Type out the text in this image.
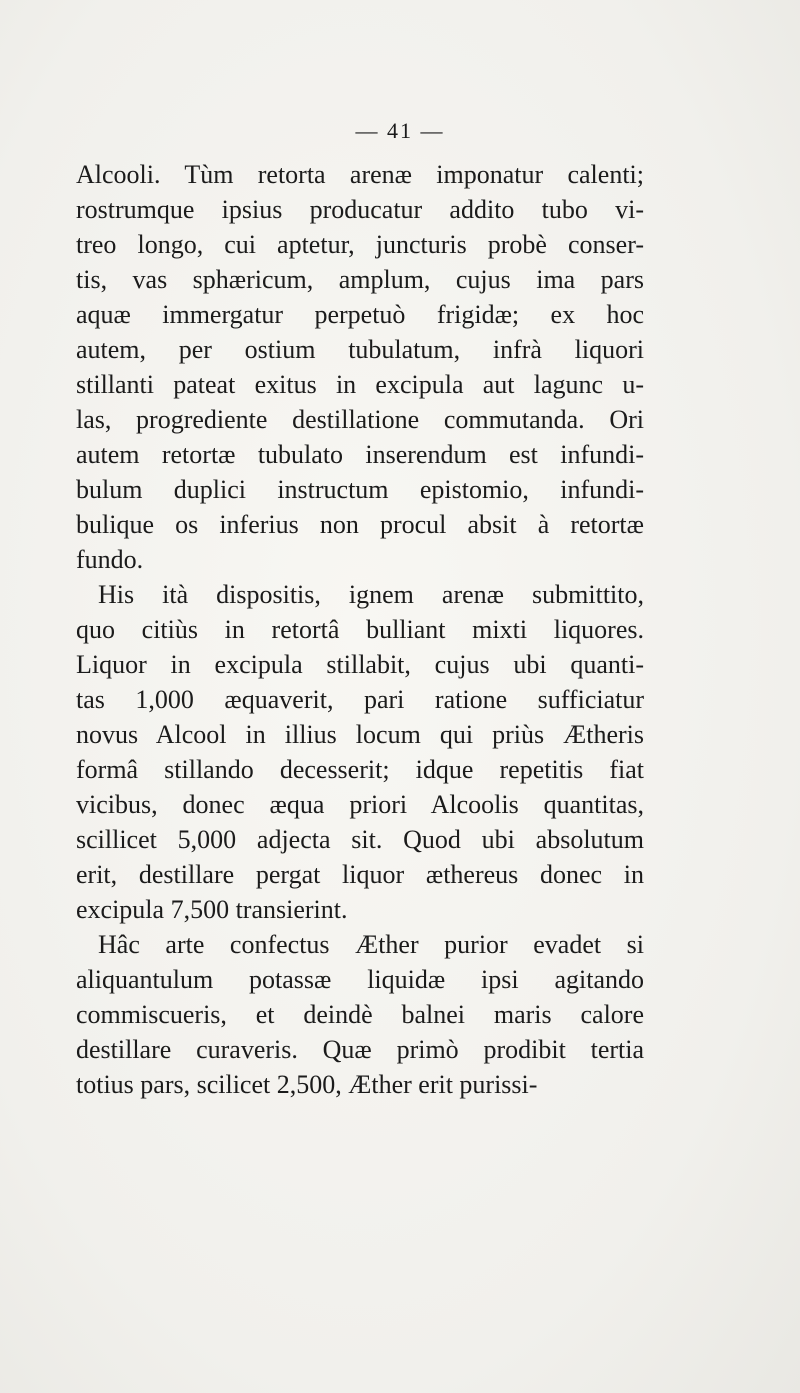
— 41 —
Alcooli. Tùm retorta arenæ imponatur calenti;
rostrumque ipsius producatur addito tubo vi-
treo longo, cui aptetur, juncturis probè conser-
tis, vas sphæricum, amplum, cujus ima pars
aquæ immergatur perpetuò frigidæ; ex hoc
autem, per ostium tubulatum, infrà liquori
stillanti pateat exitus in excipula aut lagunc u-
las, progrediente destillatione commutanda. Ori
autem retortæ tubulato inserendum est infundi-
bulum duplici instructum epistomio, infundi-
bulique os inferius non procul absit à retortæ
fundo.
His ità dispositis, ignem arenæ submittito,
quo citiùs in retortâ bulliant mixti liquores.
Liquor in excipula stillabit, cujus ubi quanti-
tas 1,000 æquaverit, pari ratione sufficiatur
novus Alcool in illius locum qui priùs Ætheris
formâ stillando decesserit; idque repetitis fiat
vicibus, donec æqua priori Alcoolis quantitas,
scillicet 5,000 adjecta sit. Quod ubi absolutum
erit, destillare pergat liquor æthereus donec in
excipula 7,500 transierint.
Hâc arte confectus Æther purior evadet si
aliquantulum potassæ liquidæ ipsi agitando
commiscueris, et deindè balnei maris calore
destillare curaveris. Quæ primò prodibit tertia
totius pars, scilicet 2,500, Æther erit purissi-
